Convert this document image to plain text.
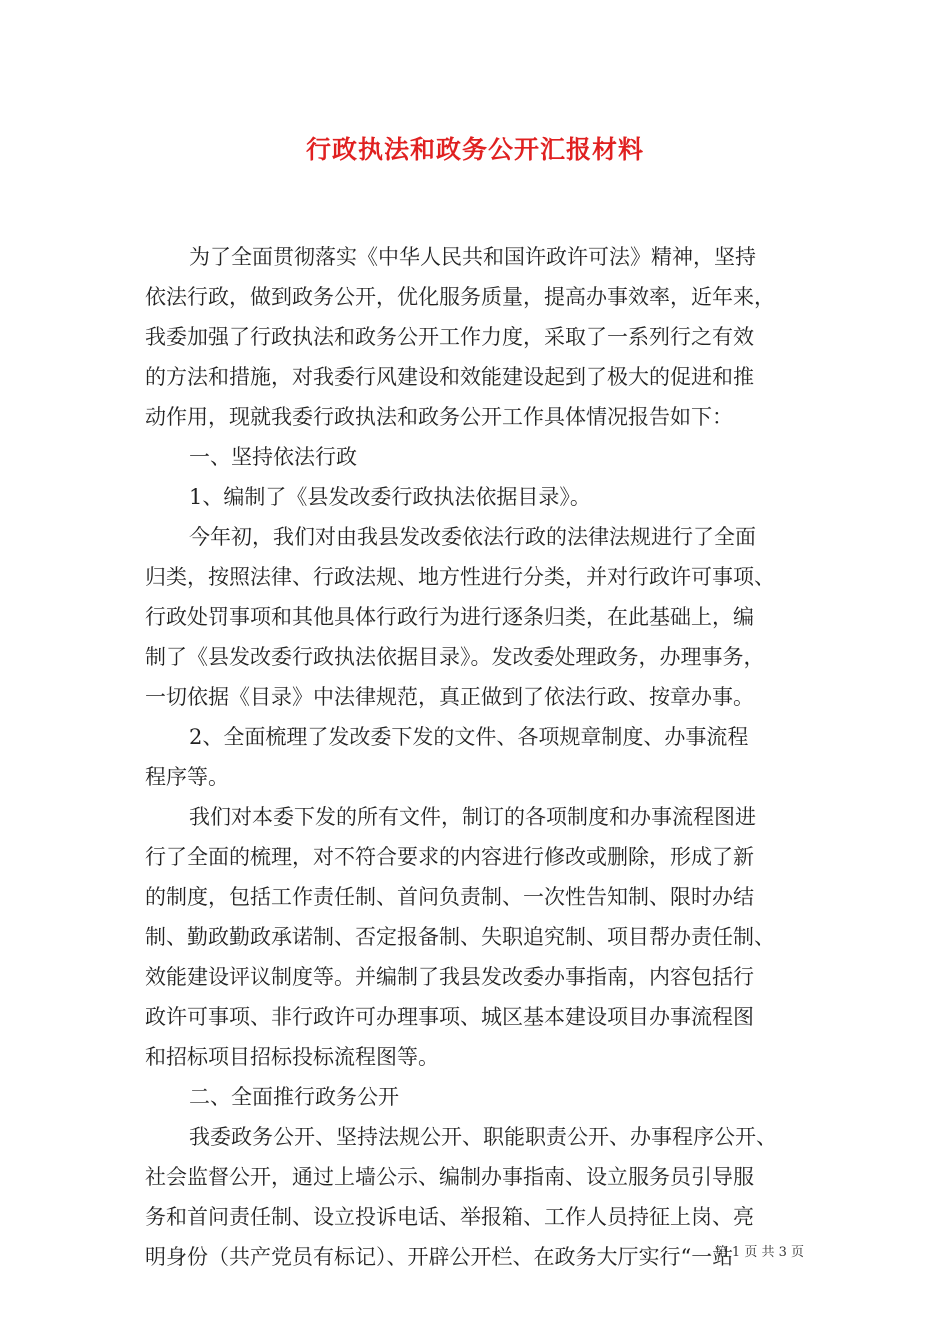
行政执法和政务公开汇报材料
为了全面贯彻落实《中华人民共和国许政许可法》精神，坚持
依法行政，做到政务公开，优化服务质量，提高办事效率，近年来，
我委加强了行政执法和政务公开工作力度，采取了一系列行之有效
的方法和措施，对我委行风建设和效能建设起到了极大的促进和推
动作用，现就我委行政执法和政务公开工作具体情况报告如下：
一、坚持依法行政
1、编制了《县发改委行政执法依据目录》。
今年初，我们对由我县发改委依法行政的法律法规进行了全面
归类，按照法律、行政法规、地方性进行分类，并对行政许可事项、
行政处罚事项和其他具体行政行为进行逐条归类，在此基础上，编
制了《县发改委行政执法依据目录》。发改委处理政务，办理事务，
一切依据《目录》中法律规范，真正做到了依法行政、按章办事。
2、全面梳理了发改委下发的文件、各项规章制度、办事流程
程序等。
我们对本委下发的所有文件，制订的各项制度和办事流程图进
行了全面的梳理，对不符合要求的内容进行修改或删除，形成了新
的制度，包括工作责任制、首问负责制、一次性告知制、限时办结
制、勤政勤政承诺制、否定报备制、失职追究制、项目帮办责任制、
效能建设评议制度等。并编制了我县发改委办事指南，内容包括行
政许可事项、非行政许可办理事项、城区基本建设项目办事流程图
和招标项目招标投标流程图等。
二、全面推行政务公开
我委政务公开、坚持法规公开、职能职责公开、办事程序公开、
社会监督公开，通过上墙公示、编制办事指南、设立服务员引导服
务和首问责任制、设立投诉电话、举报箱、工作人员持征上岗、亮
明身份（共产党员有标记）、开辟公开栏、在政务大厅实行“一站
第 1 页 共 3 页
